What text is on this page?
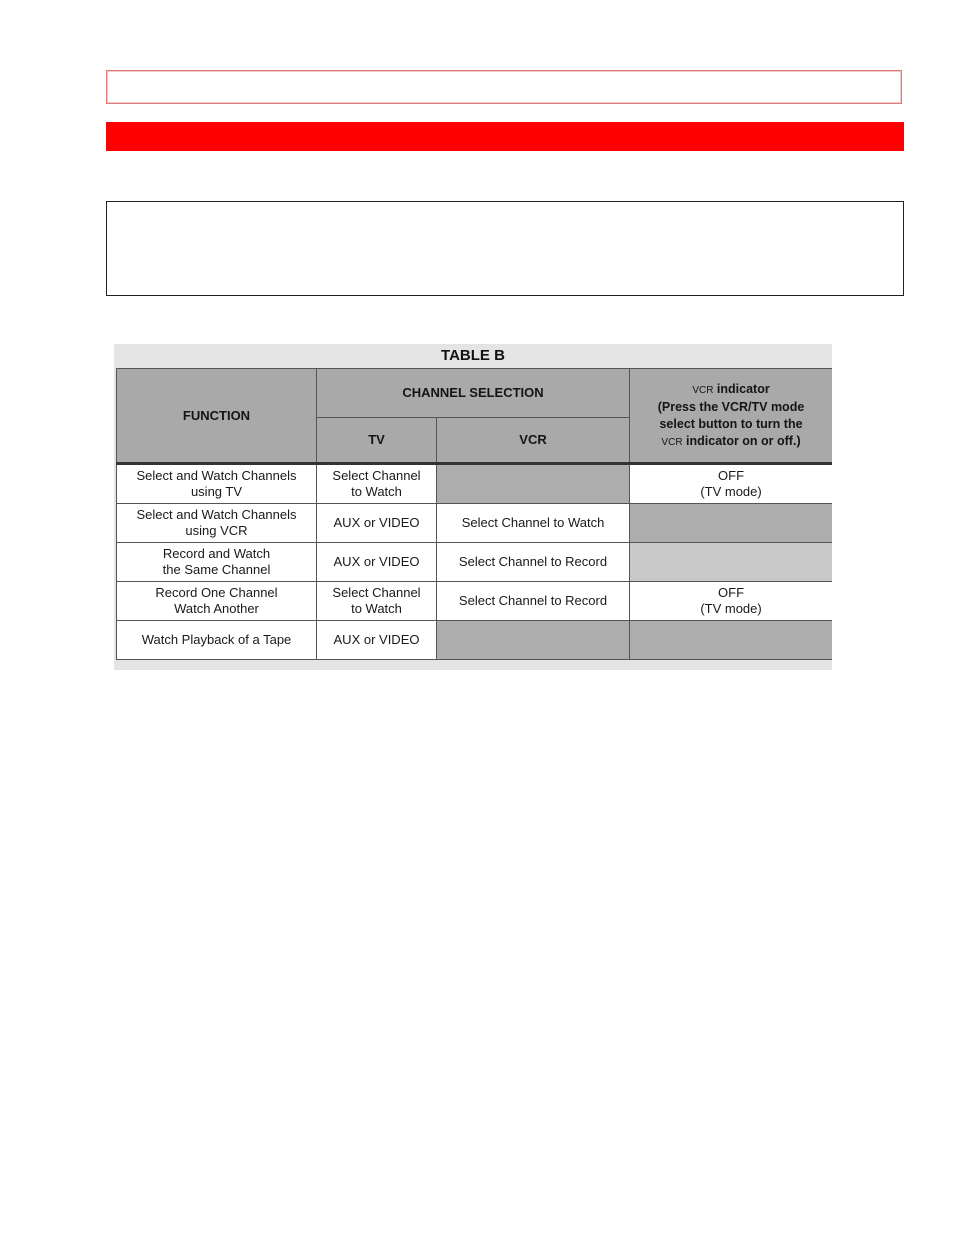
TABLE B
FUNCTION	CHANNEL SELECTION		VCR indicator
(Press the VCR/TV mode
select button to turn the
VCR indicator on or off.)

	TV	VCR	
Select and Watch Channels
using TV	Select Channel
to Watch		OFF
(TV mode)
Select and Watch Channels
using VCR	AUX or VIDEO	Select Channel to Watch	
Record and Watch
the Same Channel	AUX or VIDEO	Select Channel to Record	
Record One Channel
Watch Another	Select Channel
to Watch	Select Channel to Record	OFF
(TV mode)
Watch Playback of a Tape	AUX or VIDEO		
